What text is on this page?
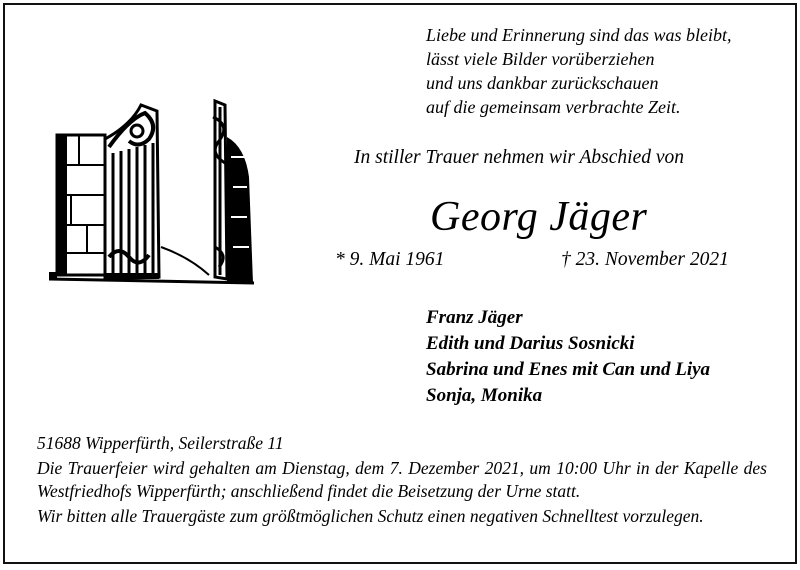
Liebe und Erinnerung sind das was bleibt,
lässt viele Bilder vorüberziehen
und uns dankbar zurückschauen
auf die gemeinsam verbrachte Zeit.
In stiller Trauer nehmen wir Abschied von
Georg Jäger
* 9. Mai 1961	† 23. November 2021
Franz Jäger
Edith und Darius Sosnicki
Sabrina und Enes mit Can und Liya
Sonja, Monika

51688 Wipperfürth, Seilerstraße 11

Die Trauerfeier wird gehalten am Dienstag, dem 7. Dezember 2021, um 10:00 Uhr in der Kapelle des Westfriedhofs Wipperfürth; anschließend findet die Beisetzung der Urne statt.

Wir bitten alle Trauergäste zum größtmöglichen Schutz einen negativen Schnelltest vorzulegen.
